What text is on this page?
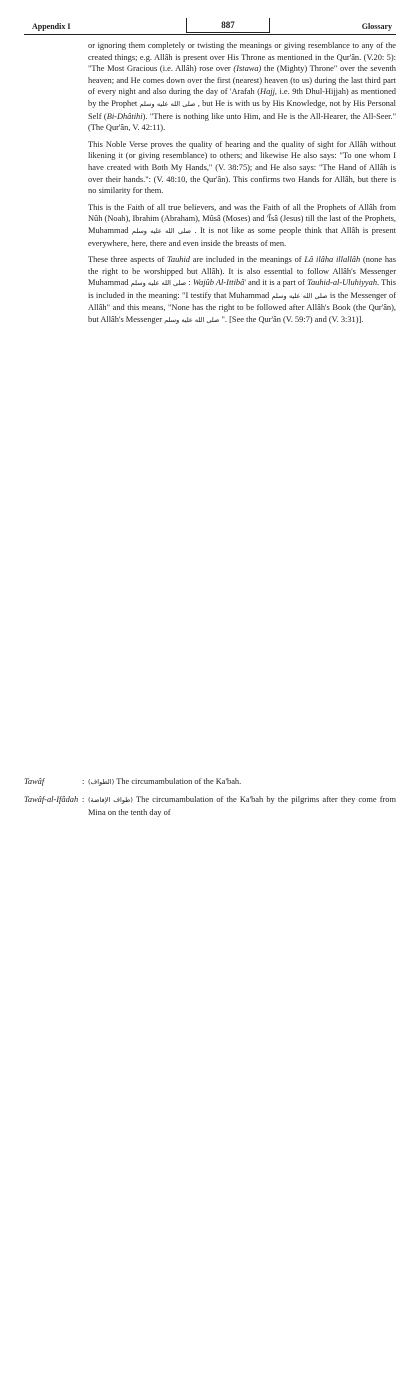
Appendix I	887	Glossary

or ignoring them completely or twisting the meanings or giving resemblance to any of the created things; e.g. Allâh is present over His Throne as mentioned in the Qur'ân. (V.20: 5): "The Most Gracious (i.e. Allâh) rose over (Istawa) the (Mighty) Throne" over the seventh heaven; and He comes down over the first (nearest) heaven (to us) during the last third part of every night and also during the day of 'Arafah (Hajj, i.e. 9th Dhul-Hijjah) as mentioned by the Prophet صلى الله عليه وسلم , but He is with us by His Knowledge, not by His Personal Self (Bi-Dhâtihi). "There is nothing like unto Him, and He is the All-Hearer, the All-Seer." (The Qur'ân, V. 42:11).

This Noble Verse proves the quality of hearing and the quality of sight for Allâh without likening it (or giving resemblance) to others; and likewise He also says: "To one whom I have created with Both My Hands," (V. 38:75); and He also says: "The Hand of Allâh is over their hands.": (V. 48:10, the Qur'ân). This confirms two Hands for Allâh, but there is no similarity for them.

This is the Faith of all true believers, and was the Faith of all the Prophets of Allâh from Nûh (Noah), Ibrahim (Abraham), Mûsâ (Moses) and 'Îsâ (Jesus) till the last of the Prophets, Muhammad صلى الله عليه وسلم . It is not like as some people think that Allâh is present everywhere, here, there and even inside the breasts of men.

These three aspects of Tauhid are included in the meanings of Lâ ilâha illallâh (none has the right to be worshipped but Allâh). It is also essential to follow Allâh's Messenger Muhammad صلى الله عليه وسلم : Wajûb Al-Ittibâ' and it is a part of Tauhid-al-Uluhiyyah. This is included in the meaning: "I testify that Muhammad صلى الله عليه وسلم is the Messenger of Allâh" and this means, "None has the right to be followed after Allâh's Book (the Qur'ân), but Allâh's Messenger صلى الله عليه وسلم ". [See the Qur'ân (V. 59:7) and (V. 3:31)].

Tawâf	: (الطواف) The circumambulation of the Ka'bah.
Tawâf-al-Ifâdah : (طواف الإفاضة) The circumambulation of the Ka'bah by the pilgrims after they come from Mina on the tenth day of
